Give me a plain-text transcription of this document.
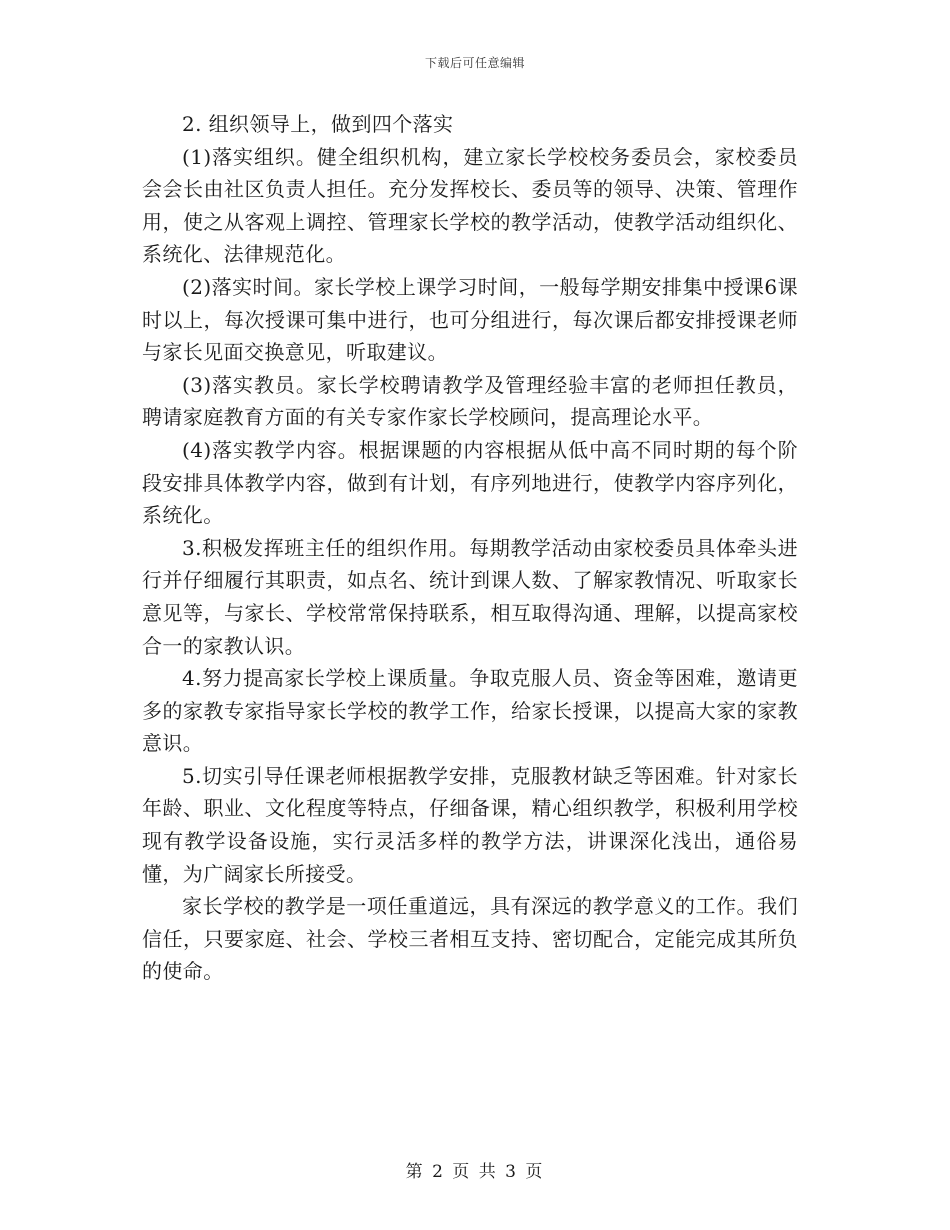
下载后可任意编辑

2. 组织领导上，做到四个落实

(1)落实组织。健全组织机构，建立家长学校校务委员会，家校委员会会长由社区负责人担任。充分发挥校长、委员等的领导、决策、管理作用，使之从客观上调控、管理家长学校的教学活动，使教学活动组织化、系统化、法律规范化。

(2)落实时间。家长学校上课学习时间，一般每学期安排集中授课6课时以上，每次授课可集中进行，也可分组进行，每次课后都安排授课老师与家长见面交换意见，听取建议。

(3)落实教员。家长学校聘请教学及管理经验丰富的老师担任教员，聘请家庭教育方面的有关专家作家长学校顾问，提高理论水平。

(4)落实教学内容。根据课题的内容根据从低中高不同时期的每个阶段安排具体教学内容，做到有计划，有序列地进行，使教学内容序列化，系统化。

3.积极发挥班主任的组织作用。每期教学活动由家校委员具体牵头进行并仔细履行其职责，如点名、统计到课人数、了解家教情况、听取家长意见等，与家长、学校常常保持联系，相互取得沟通、理解，以提高家校合一的家教认识。

4.努力提高家长学校上课质量。争取克服人员、资金等困难，邀请更多的家教专家指导家长学校的教学工作，给家长授课，以提高大家的家教意识。

5.切实引导任课老师根据教学安排，克服教材缺乏等困难。针对家长年龄、职业、文化程度等特点，仔细备课，精心组织教学，积极利用学校现有教学设备设施，实行灵活多样的教学方法，讲课深化浅出，通俗易懂，为广阔家长所接受。

家长学校的教学是一项任重道远，具有深远的教学意义的工作。我们信任，只要家庭、社会、学校三者相互支持、密切配合，定能完成其所负的使命。

第 2 页 共 3 页
